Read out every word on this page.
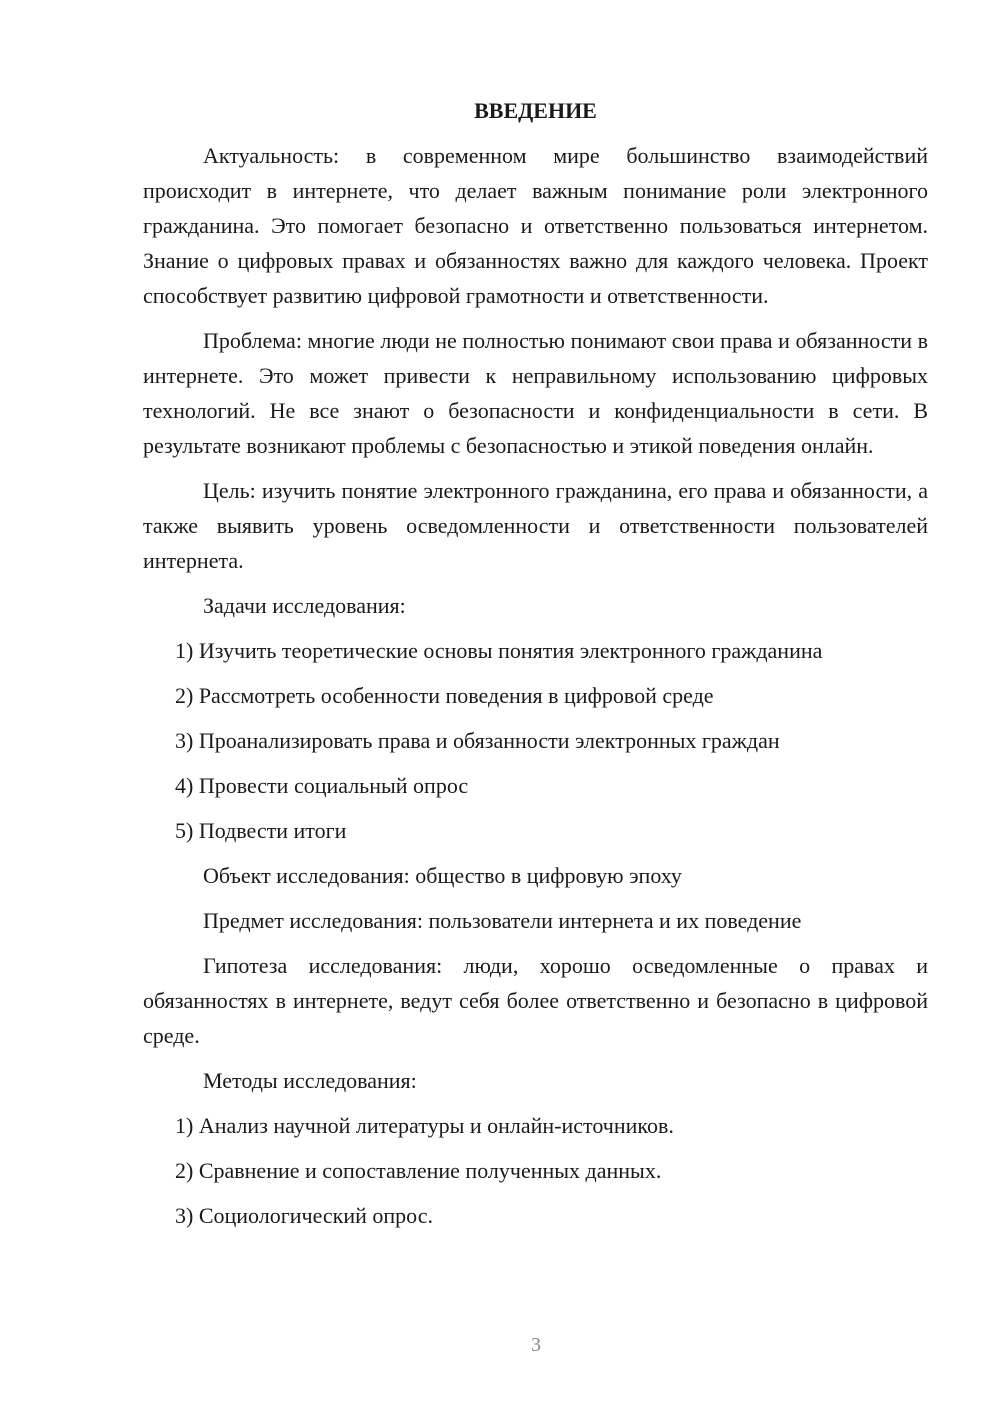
ВВЕДЕНИЕ

Актуальность: в современном мире большинство взаимодействий происходит в интернете, что делает важным понимание роли электронного гражданина. Это помогает безопасно и ответственно пользоваться интернетом. Знание о цифровых правах и обязанностях важно для каждого человека. Проект способствует развитию цифровой грамотности и ответственности.

Проблема: многие люди не полностью понимают свои права и обязанности в интернете. Это может привести к неправильному использованию цифровых технологий. Не все знают о безопасности и конфиденциальности в сети. В результате возникают проблемы с безопасностью и этикой поведения онлайн.

Цель: изучить понятие электронного гражданина, его права и обязанности, а также выявить уровень осведомленности и ответственности пользователей интернета.

Задачи исследования:
1) Изучить теоретические основы понятия электронного гражданина
2) Рассмотреть особенности поведения в цифровой среде
3) Проанализировать права и обязанности электронных граждан
4) Провести социальный опрос
5) Подвести итоги
Объект исследования: общество в цифровую эпоху
Предмет исследования: пользователи интернета и их поведение

Гипотеза исследования: люди, хорошо осведомленные о правах и обязанностях в интернете, ведут себя более ответственно и безопасно в цифровой среде.

Методы исследования:
1) Анализ научной литературы и онлайн-источников.
2) Сравнение и сопоставление полученных данных.
3) Социологический опрос.
3
